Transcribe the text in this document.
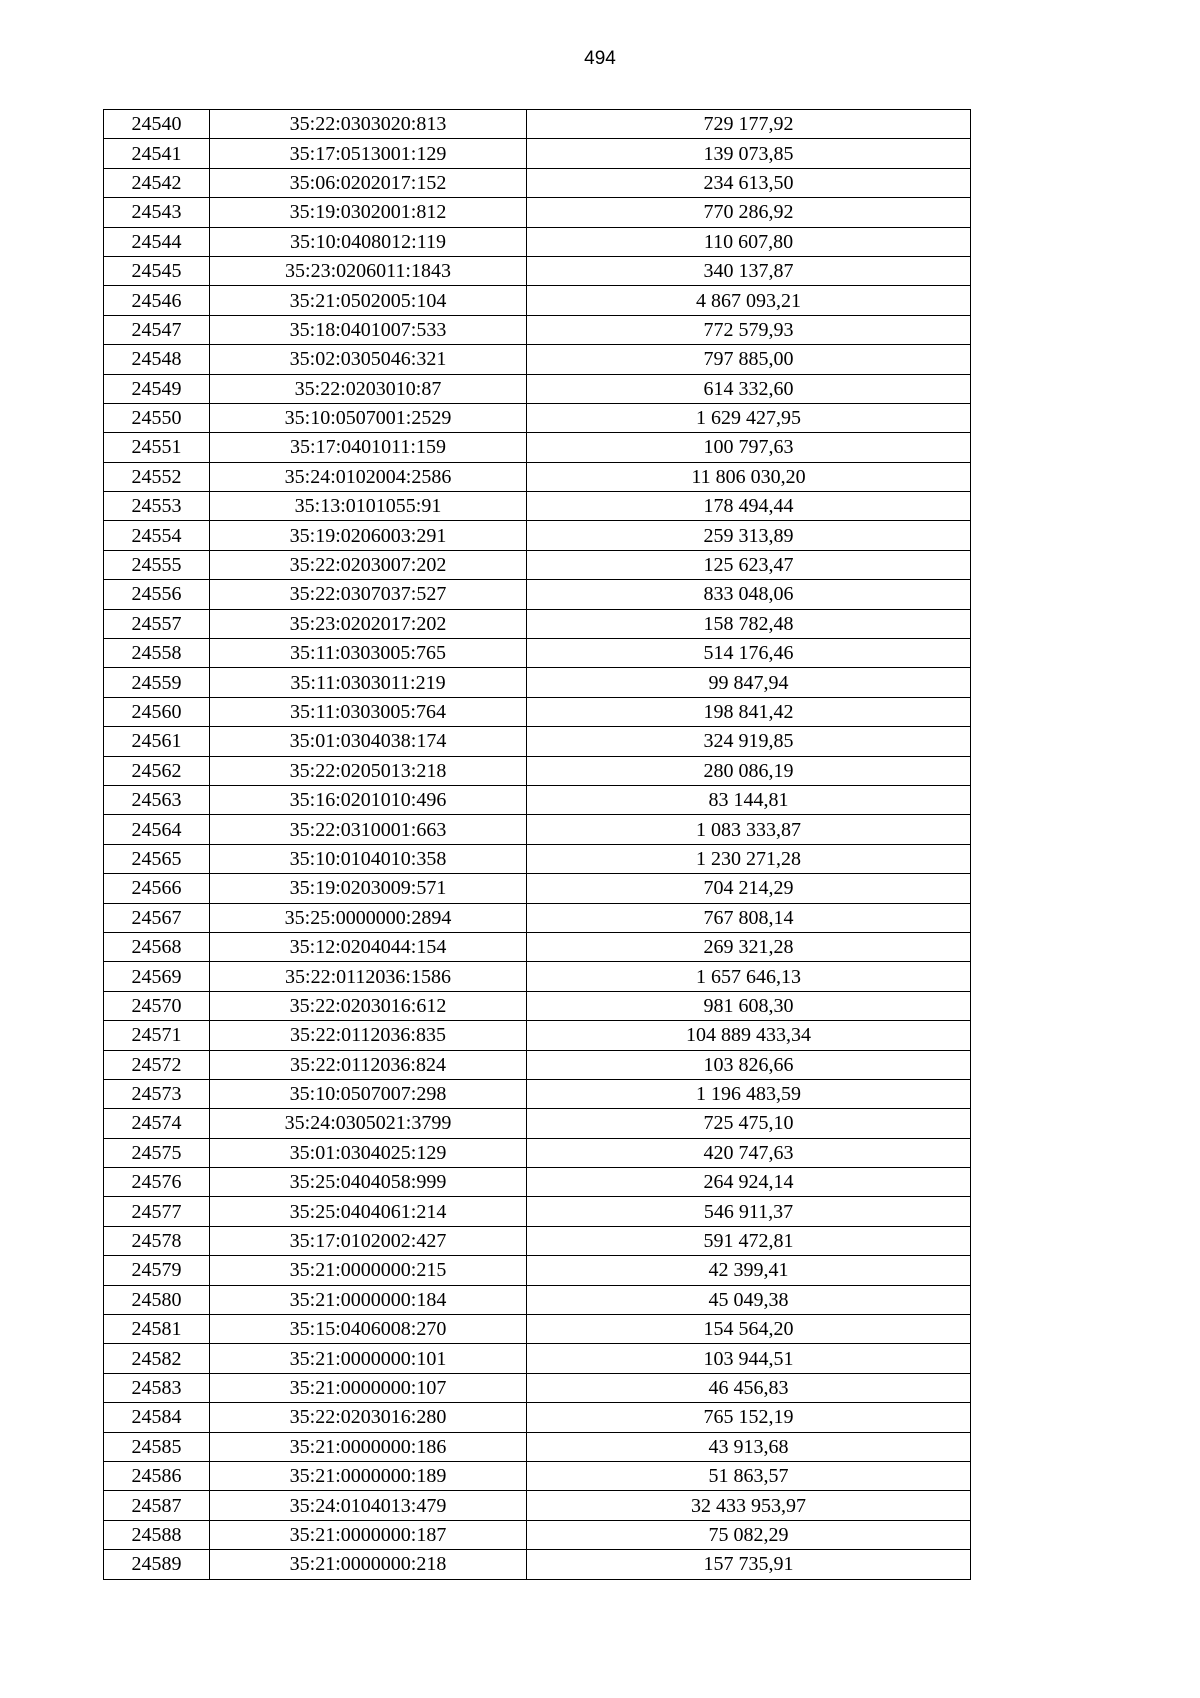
494
24540	35:22:0303020:813	729 177,92
24541	35:17:0513001:129	139 073,85
24542	35:06:0202017:152	234 613,50
24543	35:19:0302001:812	770 286,92
24544	35:10:0408012:119	110 607,80
24545	35:23:0206011:1843	340 137,87
24546	35:21:0502005:104	4 867 093,21
24547	35:18:0401007:533	772 579,93
24548	35:02:0305046:321	797 885,00
24549	35:22:0203010:87	614 332,60
24550	35:10:0507001:2529	1 629 427,95
24551	35:17:0401011:159	100 797,63
24552	35:24:0102004:2586	11 806 030,20
24553	35:13:0101055:91	178 494,44
24554	35:19:0206003:291	259 313,89
24555	35:22:0203007:202	125 623,47
24556	35:22:0307037:527	833 048,06
24557	35:23:0202017:202	158 782,48
24558	35:11:0303005:765	514 176,46
24559	35:11:0303011:219	99 847,94
24560	35:11:0303005:764	198 841,42
24561	35:01:0304038:174	324 919,85
24562	35:22:0205013:218	280 086,19
24563	35:16:0201010:496	83 144,81
24564	35:22:0310001:663	1 083 333,87
24565	35:10:0104010:358	1 230 271,28
24566	35:19:0203009:571	704 214,29
24567	35:25:0000000:2894	767 808,14
24568	35:12:0204044:154	269 321,28
24569	35:22:0112036:1586	1 657 646,13
24570	35:22:0203016:612	981 608,30
24571	35:22:0112036:835	104 889 433,34
24572	35:22:0112036:824	103 826,66
24573	35:10:0507007:298	1 196 483,59
24574	35:24:0305021:3799	725 475,10
24575	35:01:0304025:129	420 747,63
24576	35:25:0404058:999	264 924,14
24577	35:25:0404061:214	546 911,37
24578	35:17:0102002:427	591 472,81
24579	35:21:0000000:215	42 399,41
24580	35:21:0000000:184	45 049,38
24581	35:15:0406008:270	154 564,20
24582	35:21:0000000:101	103 944,51
24583	35:21:0000000:107	46 456,83
24584	35:22:0203016:280	765 152,19
24585	35:21:0000000:186	43 913,68
24586	35:21:0000000:189	51 863,57
24587	35:24:0104013:479	32 433 953,97
24588	35:21:0000000:187	75 082,29
24589	35:21:0000000:218	157 735,91
